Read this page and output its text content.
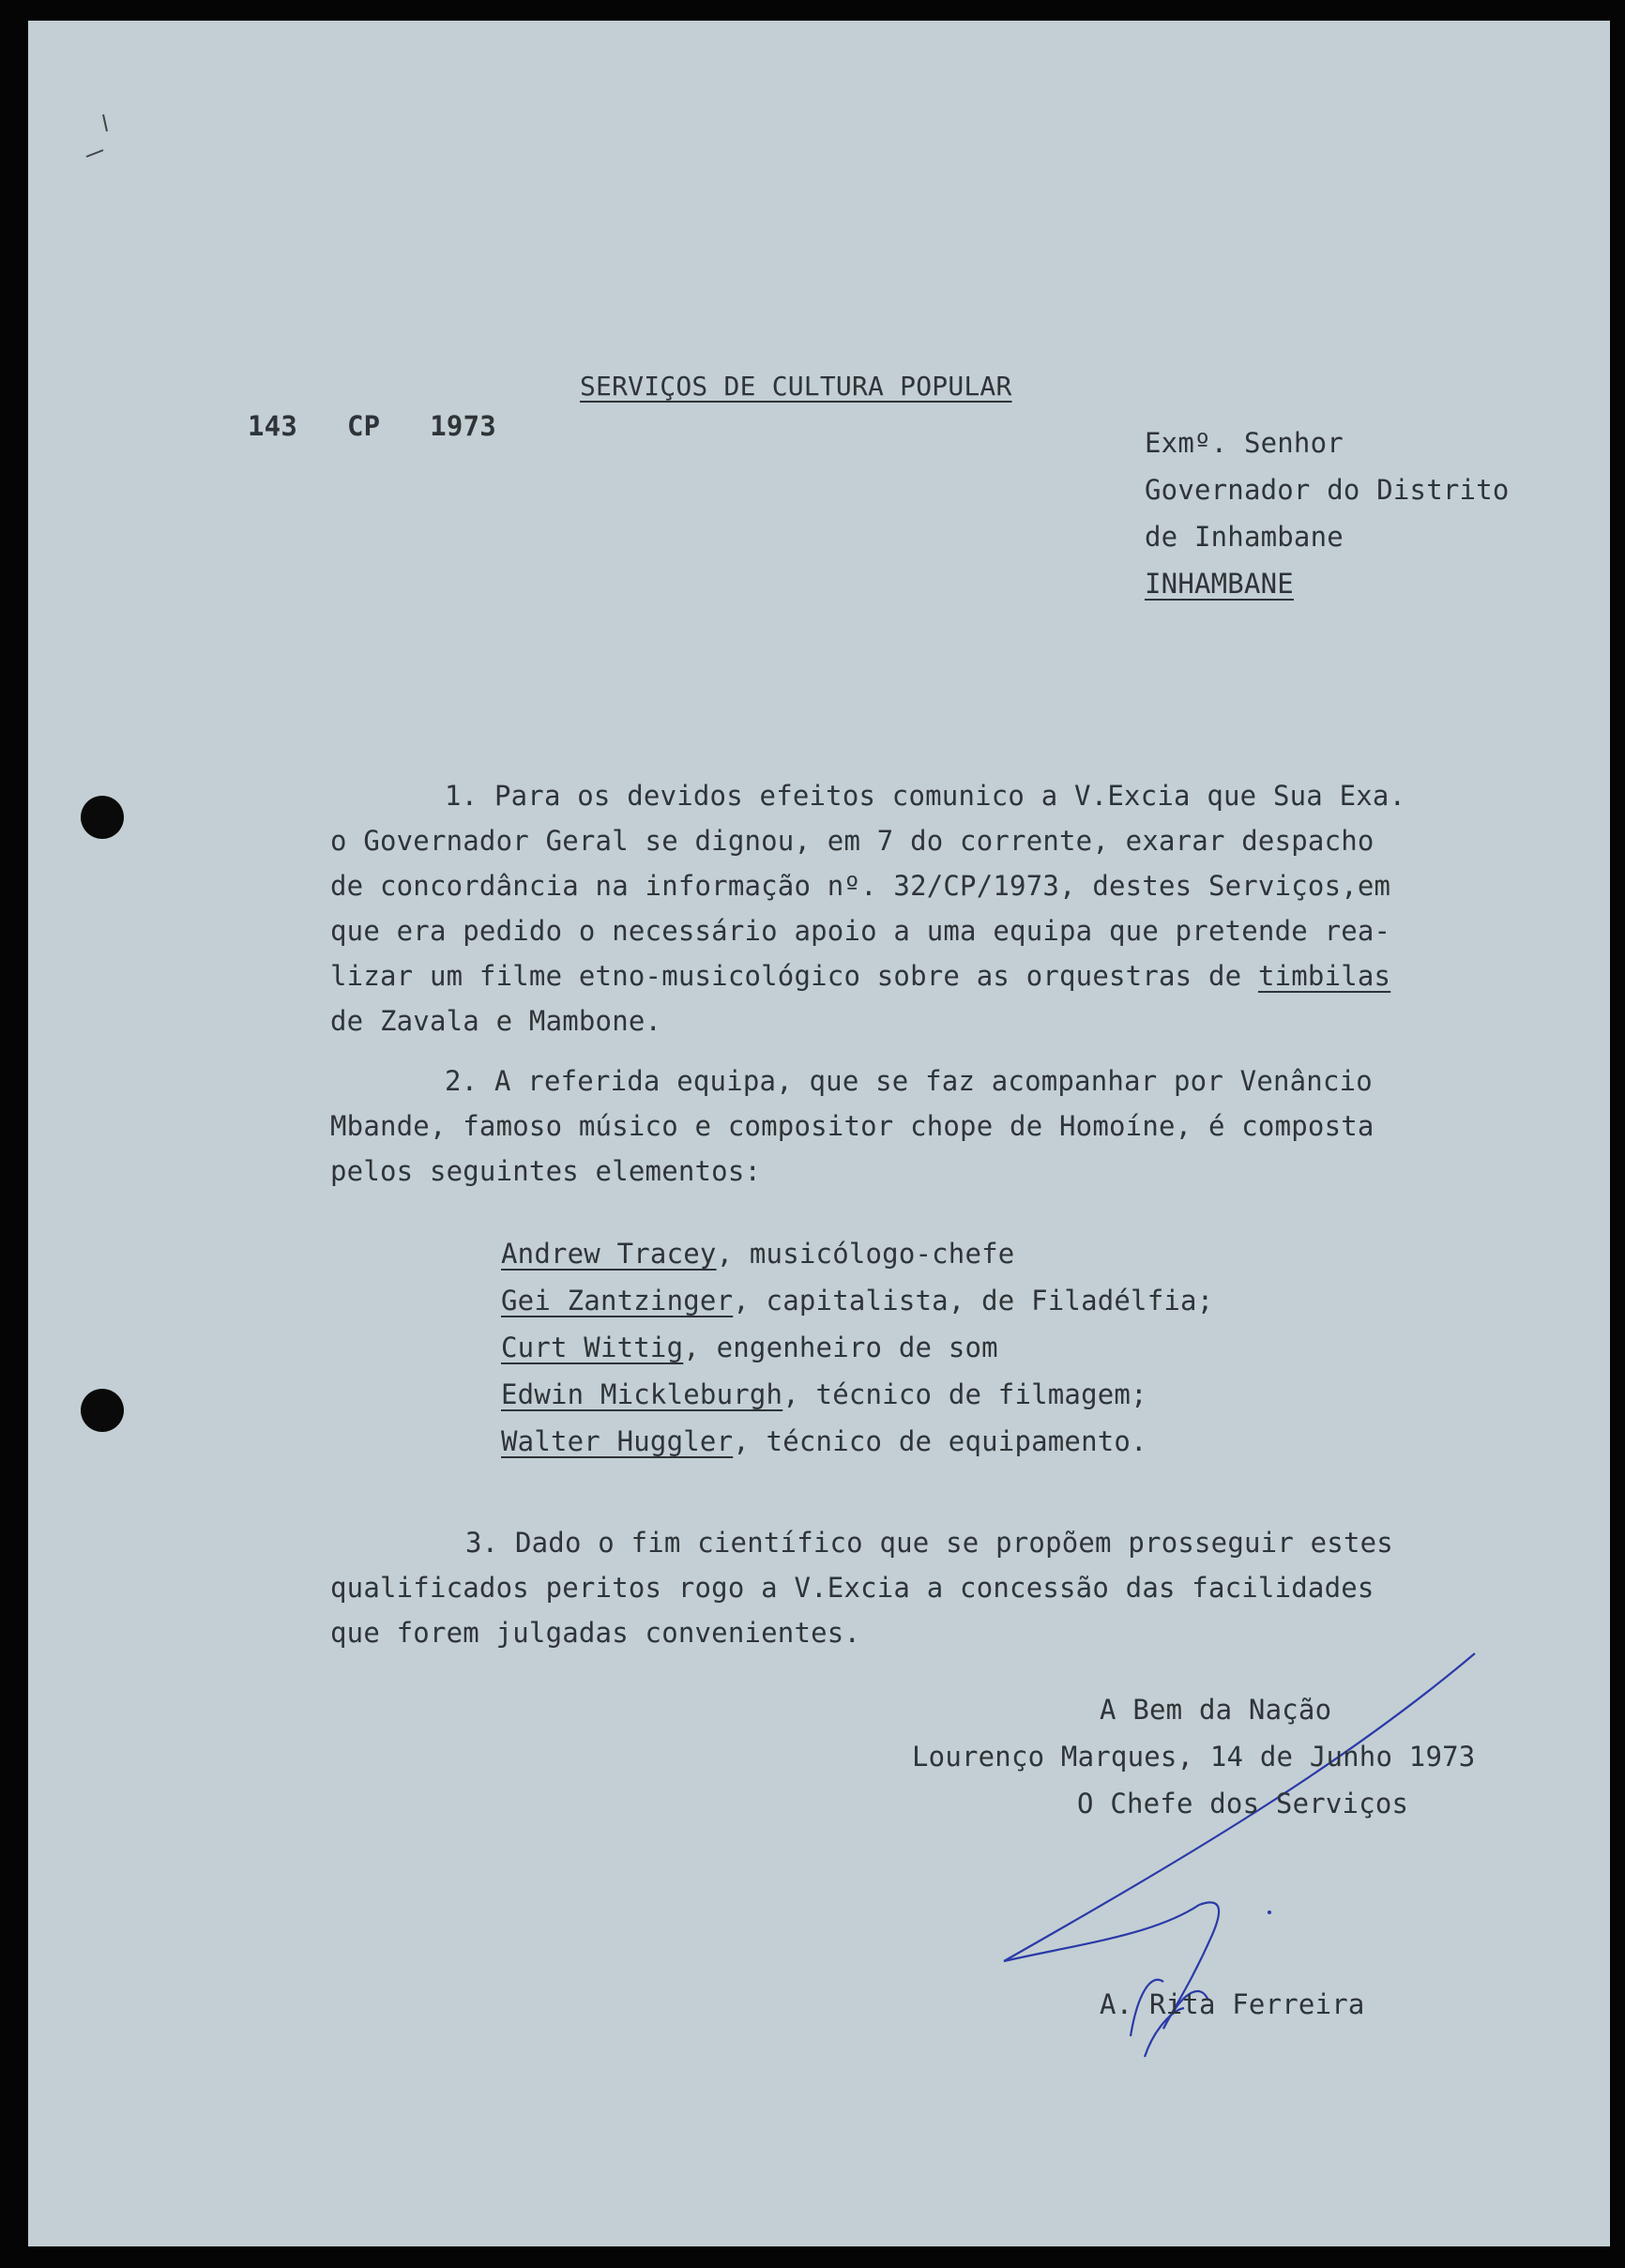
SERVIÇOS DE CULTURA POPULAR
143   CP   1973
Exmº. Senhor
Governador do Distrito
de Inhambane
INHAMBANE
1. Para os devidos efeitos comunico a V.Excia que Sua Exa.
o Governador Geral se dignou, em 7 do corrente, exarar despacho
de concordância na informação nº. 32/CP/1973, destes Serviços,em
que era pedido o necessário apoio a uma equipa que pretende rea-
lizar um filme etno-musicológico sobre as orquestras de timbilas
de Zavala e Mambone.
2. A referida equipa, que se faz acompanhar por Venâncio
Mbande, famoso músico e compositor chope de Homoíne, é composta
pelos seguintes elementos:
Andrew Tracey, musicólogo-chefe
Gei Zantzinger, capitalista, de Filadélfia;
Curt Wittig, engenheiro de som
Edwin Mickleburgh, técnico de filmagem;
Walter Huggler, técnico de equipamento.
3. Dado o fim científico que se propõem prosseguir estes
qualificados peritos rogo a V.Excia a concessão das facilidades
que forem julgadas convenientes.
A Bem da Nação
Lourenço Marques, 14 de Junho 1973
O Chefe dos Serviços
A. Rita Ferreira
